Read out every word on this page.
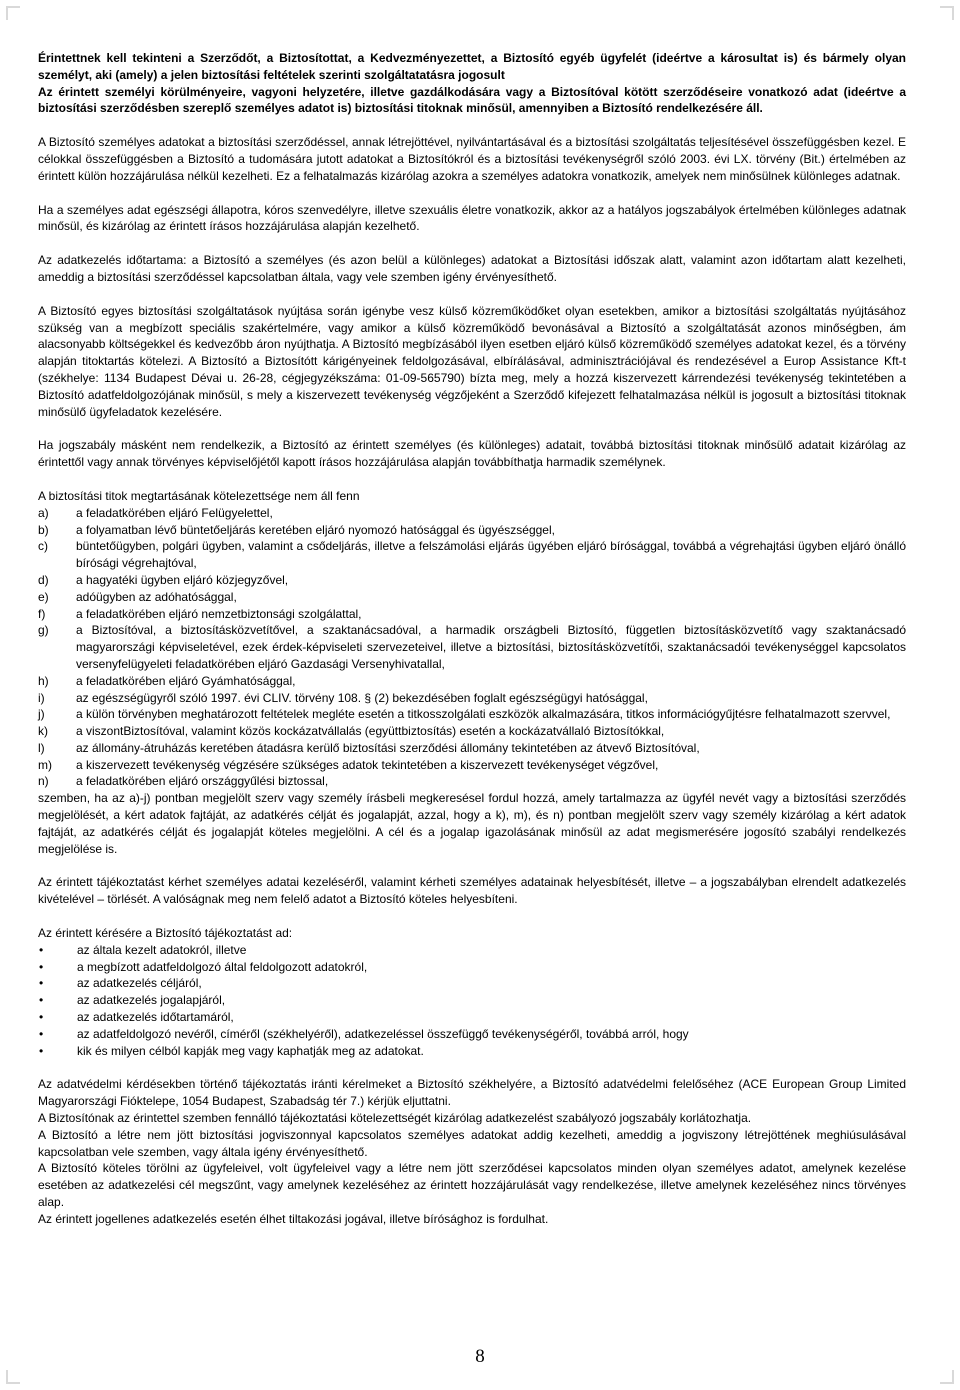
Érintettnek kell tekinteni a Szerződőt, a Biztosítottat, a Kedvezményezettet, a Biztosító egyéb ügyfelét (ideértve a károsultat is) és bármely olyan személyt, aki (amely) a jelen biztosítási feltételek szerinti szolgáltatatásra jogosult

Az érintett személyi körülményeire, vagyoni helyzetére, illetve gazdálkodására vagy a Biztosítóval kötött szerződéseire vonatkozó adat (ideértve a biztosítási szerződésben szereplő személyes adatot is) biztosítási titoknak minősül, amennyiben a Biztosító rendelkezésére áll.

A Biztosító személyes adatokat a biztosítási szerződéssel, annak létrejöttével, nyilvántartásával és a biztosítási szolgáltatás teljesítésével összefüggésben kezel. E célokkal összefüggésben a Biztosító a tudomására jutott adatokat a Biztosítókról és a biztosítási tevékenységről szóló 2003. évi LX. törvény (Bit.) értelmében az érintett külön hozzájárulása nélkül kezelheti. Ez a felhatalmazás kizárólag azokra a személyes adatokra vonatkozik, amelyek nem minősülnek különleges adatnak.

Ha a személyes adat egészségi állapotra, kóros szenvedélyre, illetve szexuális életre vonatkozik, akkor az a hatályos jogszabályok értelmében különleges adatnak minősül, és kizárólag az érintett írásos hozzájárulása alapján kezelhető.

Az adatkezelés időtartama: a Biztosító a személyes (és azon belül a különleges) adatokat a Biztosítási időszak alatt, valamint azon időtartam alatt kezelheti, ameddig a biztosítási szerződéssel kapcsolatban általa, vagy vele szemben igény érvényesíthető.

A Biztosító egyes biztosítási szolgáltatások nyújtása során igénybe vesz külső közreműködőket olyan esetekben, amikor a biztosítási szolgáltatás nyújtásához szükség van a megbízott speciális szakértelmére, vagy amikor a külső közreműködő bevonásával a Biztosító a szolgáltatását azonos minőségben, ám alacsonyabb költségekkel és kedvezőbb áron nyújthatja. A Biztosító megbízásából ilyen esetben eljáró külső közreműködő személyes adatokat kezel, és a törvény alapján titoktartás kötelezi. A Biztosító a Biztosítótt kárigényeinek feldolgozásával, elbírálásával, adminisztrációjával és rendezésével a Europ Assistance Kft-t (székhelye: 1134 Budapest Dévai u. 26-28, cégjegyzékszáma: 01-09-565790) bízta meg, mely a hozzá kiszervezett kárrendezési tevékenység tekintetében a Biztosító adatfeldolgozójának minősül, s mely a kiszervezett tevékenység végzőjeként a Szerződő kifejezett felhatalmazása nélkül is jogosult a biztosítási titoknak minősülő ügyfeladatok kezelésére.

Ha jogszabály másként nem rendelkezik, a Biztosító az érintett személyes (és különleges) adatait, továbbá biztosítási titoknak minősülő adatait kizárólag az érintettől vagy annak törvényes képviselőjétől kapott írásos hozzájárulása alapján továbbíthatja harmadik személynek.

A biztosítási titok megtartásának kötelezettsége nem áll fenn

a)	a feladatkörében eljáró Felügyelettel,
b)	a folyamatban lévő büntetőeljárás keretében eljáró nyomozó hatósággal és ügyészséggel,
c)	büntetőügyben, polgári ügyben, valamint a csődeljárás, illetve a felszámolási eljárás ügyében eljáró bírósággal, továbbá a végrehajtási ügyben eljáró önálló bírósági végrehajtóval,
d)	a hagyatéki ügyben eljáró közjegyzővel,
e)	adóügyben az adóhatósággal,
f)	a feladatkörében eljáró nemzetbiztonsági szolgálattal,
g)	a Biztosítóval, a biztosításközvetítővel, a szaktanácsadóval, a harmadik országbeli Biztosító, független biztosításközvetítő vagy szaktanácsadó magyarországi képviseletével, ezek érdek-képviseleti szervezeteivel, illetve a biztosítási, biztosításközvetítői, szaktanácsadói tevékenységgel kapcsolatos versenyfelügyeleti feladatkörében eljáró Gazdasági Versenyhivatallal,
h)	a feladatkörében eljáró Gyámhatósággal,
i)	az egészségügyről szóló 1997. évi CLIV. törvény 108. § (2) bekezdésében foglalt egészségügyi hatósággal,
j)	a külön törvényben meghatározott feltételek megléte esetén a titkosszolgálati eszközök alkalmazására, titkos információgyűjtésre felhatalmazott szervvel,
k)	a viszontBiztosítóval, valamint közös kockázatvállalás (együttbiztosítás) esetén a kockázatvállaló Biztosítókkal,
l)	az állomány-átruházás keretében átadásra kerülő biztosítási szerződési állomány tekintetében az átvevő Biztosítóval,
m)	a kiszervezett tevékenység végzésére szükséges adatok tekintetében a kiszervezett tevékenységet végzővel,
n)	a feladatkörében eljáró országgyűlési biztossal,

szemben, ha az a)-j) pontban megjelölt szerv vagy személy írásbeli megkeresésel fordul hozzá, amely tartalmazza az ügyfél nevét vagy a biztosítási szerződés megjelölését, a kért adatok fajtáját, az adatkérés célját és jogalapját, azzal, hogy a k), m), és n) pontban megjelölt szerv vagy személy kizárólag a kért adatok fajtáját, az adatkérés célját és jogalapját köteles megjelölni. A cél és a jogalap igazolásának minősül az adat megismerésére jogosító szabályi rendelkezés megjelölése is.

Az érintett tájékoztatást kérhet személyes adatai kezeléséről, valamint kérheti személyes adatainak helyesbítését, illetve – a jogszabályban elrendelt adatkezelés kivételével – törlését. A valóságnak meg nem felelő adatot a Biztosító köteles helyesbíteni.

Az érintett kérésére a Biztosító tájékoztatást ad:

•	az általa kezelt adatokról, illetve
•	a megbízott adatfeldolgozó által feldolgozott adatokról,
•	az adatkezelés céljáról,
•	az adatkezelés jogalapjáról,
•	az adatkezelés időtartamáról,
•	az adatfeldolgozó nevéről, címéről (székhelyéről), adatkezeléssel összefüggő tevékenységéről, továbbá arról, hogy
•	kik és milyen célból kapják meg vagy kaphatják meg az adatokat.

Az adatvédelmi kérdésekben történő tájékoztatás iránti kérelmeket a Biztosító székhelyére, a Biztosító adatvédelmi felelőséhez (ACE European Group Limited Magyarországi Fióktelepe, 1054 Budapest, Szabadság tér 7.) kérjük eljuttatni.

A Biztosítónak az érintettel szemben fennálló tájékoztatási kötelezettségét kizárólag adatkezelést szabályozó jogszabály korlátozhatja.

A Biztosító a létre nem jött biztosítási jogviszonnyal kapcsolatos személyes adatokat addig kezelheti, ameddig a jogviszony létrejöttének meghiúsulásával kapcsolatban vele szemben, vagy általa igény érvényesíthető.

A Biztosító köteles törölni az ügyfeleivel, volt ügyfeleivel vagy a létre nem jött szerződései kapcsolatos minden olyan személyes adatot, amelynek kezelése esetében az adatkezelési cél megszűnt, vagy amelynek kezeléséhez az érintett hozzájárulását vagy rendelkezése, illetve amelynek kezeléséhez nincs törvényes alap.

Az érintett jogellenes adatkezelés esetén élhet tiltakozási jogával, illetve bírósághoz is fordulhat.

8
